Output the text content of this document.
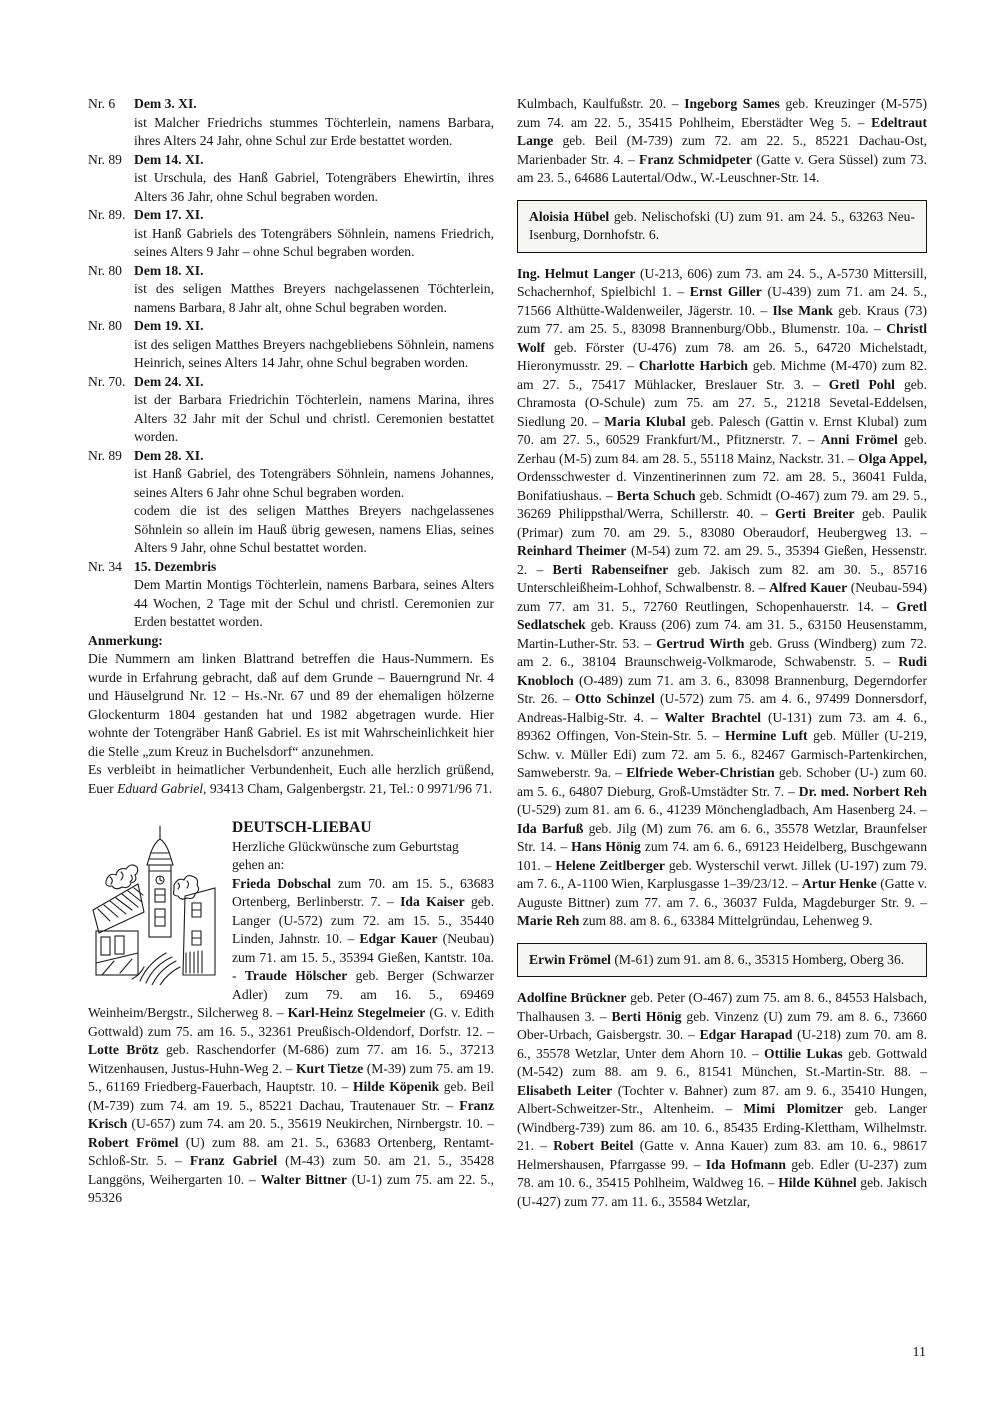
Nr. 6	Dem 3. XI.
ist Malcher Friedrichs stummes Töchterlein, namens Barbara, ihres Alters 24 Jahr, ohne Schul zur Erde bestattet worden.
Nr. 89 Dem 14. XI.
ist Urschula, des Hanß Gabriel, Totengräbers Ehewirtin, ihres Alters 36 Jahr, ohne Schul begraben worden.
Nr. 89. Dem 17. XI.
ist Hanß Gabriels des Totengräbers Söhnlein, namens Friedrich, seines Alters 9 Jahr – ohne Schul begraben worden.
Nr. 80 Dem 18. XI.
ist des seligen Matthes Breyers nachgelassenen Töchterlein, namens Barbara, 8 Jahr alt, ohne Schul begraben worden.
Nr. 80 Dem 19. XI.
ist des seligen Matthes Breyers nachgebliebens Söhnlein, namens Heinrich, seines Alters 14 Jahr, ohne Schul begraben worden.
Nr. 70. Dem 24. XI.
ist der Barbara Friedrichin Töchterlein, namens Marina, ihres Alters 32 Jahr mit der Schul und christl. Ceremonien bestattet worden.
Nr. 89 Dem 28. XI.
ist Hanß Gabriel, des Totengräbers Söhnlein, namens Johannes, seines Alters 6 Jahr ohne Schul begraben worden.
codem die ist des seligen Matthes Breyers nachgelassenes Söhnlein so allein im Hauß übrig gewesen, namens Elias, seines Alters 9 Jahr, ohne Schul bestattet worden.
Nr. 34 15. Dezembris
Dem Martin Montigs Töchterlein, namens Barbara, seines Alters 44 Wochen, 2 Tage mit der Schul und christl. Ceremonien zur Erden bestattet worden.
Anmerkung:
Die Nummern am linken Blattrand betreffen die Haus-Nummern. Es wurde in Erfahrung gebracht, daß auf dem Grunde – Bauerngrund Nr. 4 und Häuselgrund Nr. 12 – Hs.-Nr. 67 und 89 der ehemaligen hölzerne Glockenturm 1804 gestanden hat und 1982 abgetragen wurde. Hier wohnte der Totengräber Hanß Gabriel. Es ist mit Wahrscheinlichkeit hier die Stelle „zum Kreuz in Buchelsdorf“ anzunehmen.
Es verbleibt in heimatlicher Verbundenheit, Euch alle herzlich grüßend, Euer Eduard Gabriel, 93413 Cham, Galgenbergstr. 21, Tel.: 0 9971/96 71.
DEUTSCH-LIEBAU
Herzliche Glückwünsche zum Geburtstag gehen an:
Frieda Dobschal zum 70. am 15. 5., 63683 Ortenberg, Berlinberstr. 7. – Ida Kaiser geb. Langer (U-572) zum 72. am 15. 5., 35440 Linden, Jahnstr. 10. – Edgar Kauer (Neubau) zum 71. am 15. 5., 35394 Gießen, Kantstr. 10a. - Traude Hölscher geb. Berger (Schwarzer Adler) zum 79. am 16. 5., 69469 Weinheim/Bergstr., Silcherweg 8. – Karl-Heinz Stegelmeier (G. v. Edith Gottwald) zum 75. am 16. 5., 32361 Preußisch-Oldendorf, Dorfstr. 12. – Lotte Brötz geb. Raschendorfer (M-686) zum 77. am 16. 5., 37213 Witzenhausen, Justus-Huhn-Weg 2. – Kurt Tietze (M-39) zum 75. am 19. 5., 61169 Friedberg-Fauerbach, Hauptstr. 10. – Hilde Köpenik geb. Beil (M-739) zum 74. am 19. 5., 85221 Dachau, Trautenauer Str. – Franz Krisch (U-657) zum 74. am 20. 5., 35619 Neukirchen, Nirnbergstr. 10. – Robert Frömel (U) zum 88. am 21. 5., 63683 Ortenberg, Rentamt-Schloß-Str. 5. – Franz Gabriel (M-43) zum 50. am 21. 5., 35428 Langgöns, Weihergarten 10. – Walter Bittner (U-1) zum 75. am 22. 5., 95326
Kulmbach, Kaulfußstr. 20. – Ingeborg Sames geb. Kreuzinger (M-575) zum 74. am 22. 5., 35415 Pohlheim, Eberstädter Weg 5. – Edeltraut Lange geb. Beil (M-739) zum 72. am 22. 5., 85221 Dachau-Ost, Marienbader Str. 4. – Franz Schmidpeter (Gatte v. Gera Süssel) zum 73. am 23. 5., 64686 Lautertal/Odw., W.-Leuschner-Str. 14.
Aloisia Hübel geb. Nelischofski (U) zum 91. am 24. 5., 63263 Neu-Isenburg, Dornhofstr. 6.
Ing. Helmut Langer (U-213, 606) zum 73. am 24. 5., A-5730 Mittersill, Schachernhof, Spielbichl 1. – Ernst Giller (U-439) zum 71. am 24. 5., 71566 Althütte-Waldenweiler, Jägerstr. 10. – Ilse Mank geb. Kraus (73) zum 77. am 25. 5., 83098 Brannenburg/Obb., Blumenstr. 10a. – Christl Wolf geb. Förster (U-476) zum 78. am 26. 5., 64720 Michelstadt, Hieronymusstr. 29. – Charlotte Harbich geb. Michme (M-470) zum 82. am 27. 5., 75417 Mühlacker, Breslauer Str. 3. – Gretl Pohl geb. Chramosta (O-Schule) zum 75. am 27. 5., 21218 Sevetal-Eddelsen, Siedlung 20. – Maria Klubal geb. Palesch (Gattin v. Ernst Klubal) zum 70. am 27. 5., 60529 Frankfurt/M., Pfitznerstr. 7. – Anni Frömel geb. Zerhau (M-5) zum 84. am 28. 5., 55118 Mainz, Nackstr. 31. – Olga Appel, Ordensschwester d. Vinzentinerinnen zum 72. am 28. 5., 36041 Fulda, Bonifatiushaus. – Berta Schuch geb. Schmidt (O-467) zum 79. am 29. 5., 36269 Philippsthal/Werra, Schillerstr. 40. – Gerti Breiter geb. Paulik (Primar) zum 70. am 29. 5., 83080 Oberaudorf, Heubergweg 13. – Reinhard Theimer (M-54) zum 72. am 29. 5., 35394 Gießen, Hessenstr. 2. – Berti Rabenseifner geb. Jakisch zum 82. am 30. 5., 85716 Unterschleißheim-Lohhof, Schwalbenstr. 8. – Alfred Kauer (Neubau-594) zum 77. am 31. 5., 72760 Reutlingen, Schopenhauerstr. 14. – Gretl Sedlatschek geb. Krauss (206) zum 74. am 31. 5., 63150 Heusenstamm, Martin-Luther-Str. 53. – Gertrud Wirth geb. Gruss (Windberg) zum 72. am 2. 6., 38104 Braunschweig-Volkmarode, Schwabenstr. 5. – Rudi Knobloch (O-489) zum 71. am 3. 6., 83098 Brannenburg, Degerndorfer Str. 26. – Otto Schinzel (U-572) zum 75. am 4. 6., 97499 Donnersdorf, Andreas-Halbig-Str. 4. – Walter Brachtel (U-131) zum 73. am 4. 6., 89362 Offingen, Von-Stein-Str. 5. – Hermine Luft geb. Müller (U-219, Schw. v. Müller Edi) zum 72. am 5. 6., 82467 Garmisch-Partenkirchen, Samweberstr. 9a. – Elfriede Weber-Christian geb. Schober (U-) zum 60. am 5. 6., 64807 Dieburg, Groß-Umstädter Str. 7. – Dr. med. Norbert Reh (U-529) zum 81. am 6. 6., 41239 Mönchengladbach, Am Hasenberg 24. – Ida Barfuß geb. Jilg (M) zum 76. am 6. 6., 35578 Wetzlar, Braunfelser Str. 14. – Hans Hönig zum 74. am 6. 6., 69123 Heidelberg, Buschgewann 101. – Helene Zeitlberger geb. Wysterschil verwt. Jillek (U-197) zum 79. am 7. 6., A-1100 Wien, Karplusgasse 1–39/23/12. – Artur Henke (Gatte v. Auguste Bittner) zum 77. am 7. 6., 36037 Fulda, Magdeburger Str. 9. – Marie Reh zum 88. am 8. 6., 63384 Mittelgründau, Lehenweg 9.
Erwin Frömel (M-61) zum 91. am 8. 6., 35315 Homberg, Oberg 36.
Adolfine Brückner geb. Peter (O-467) zum 75. am 8. 6., 84553 Halsbach, Thalhausen 3. – Berti Hönig geb. Vinzenz (U) zum 79. am 8. 6., 73660 Ober-Urbach, Gaisbergstr. 30. – Edgar Harapad (U-218) zum 70. am 8. 6., 35578 Wetzlar, Unter dem Ahorn 10. – Ottilie Lukas geb. Gottwald (M-542) zum 88. am 9. 6., 81541 München, St.-Martin-Str. 88. – Elisabeth Leiter (Tochter v. Bahner) zum 87. am 9. 6., 35410 Hungen, Albert-Schweitzer-Str., Altenheim. – Mimi Plomitzer geb. Langer (Windberg-739) zum 86. am 10. 6., 85435 Erding-Klettham, Wilhelmstr. 21. – Robert Beitel (Gatte v. Anna Kauer) zum 83. am 10. 6., 98617 Helmershausen, Pfarrgasse 99. – Ida Hofmann geb. Edler (U-237) zum 78. am 10. 6., 35415 Pohlheim, Waldweg 16. – Hilde Kühnel geb. Jakisch (U-427) zum 77. am 11. 6., 35584 Wetzlar,
11
